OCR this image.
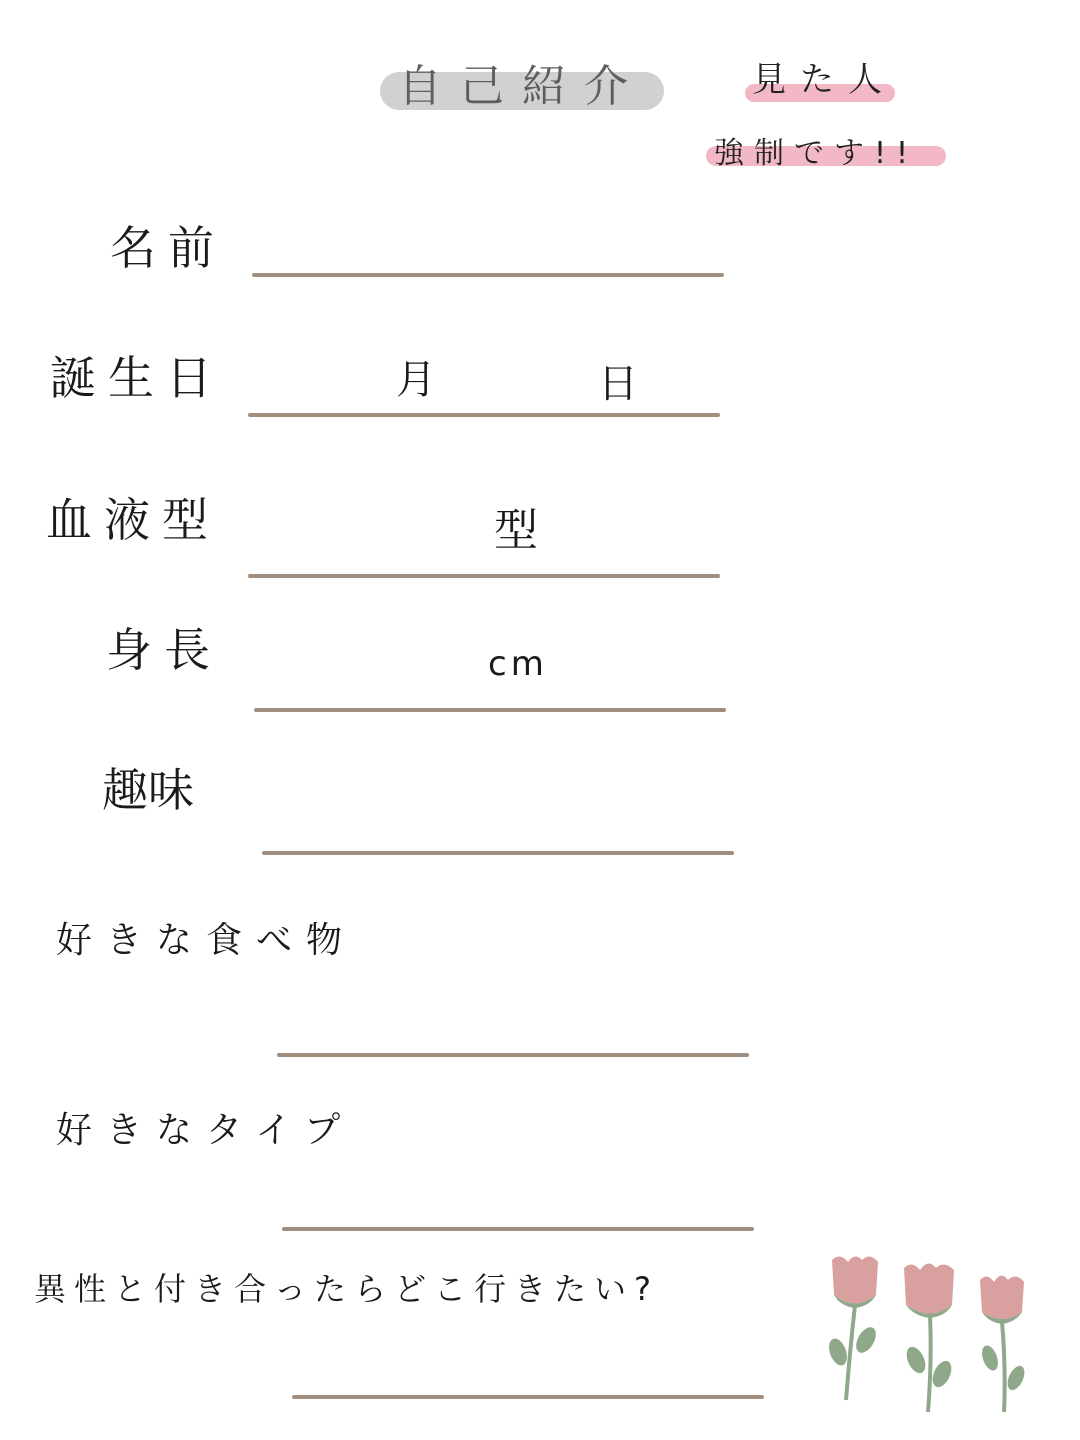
自己紹介	見た人
強制です!!
名前
誕生日	月	日
血液型	型
身長	cm
趣味
好きな食べ物
好きなタイプ
異性と付き合ったらどこ行きたい?
